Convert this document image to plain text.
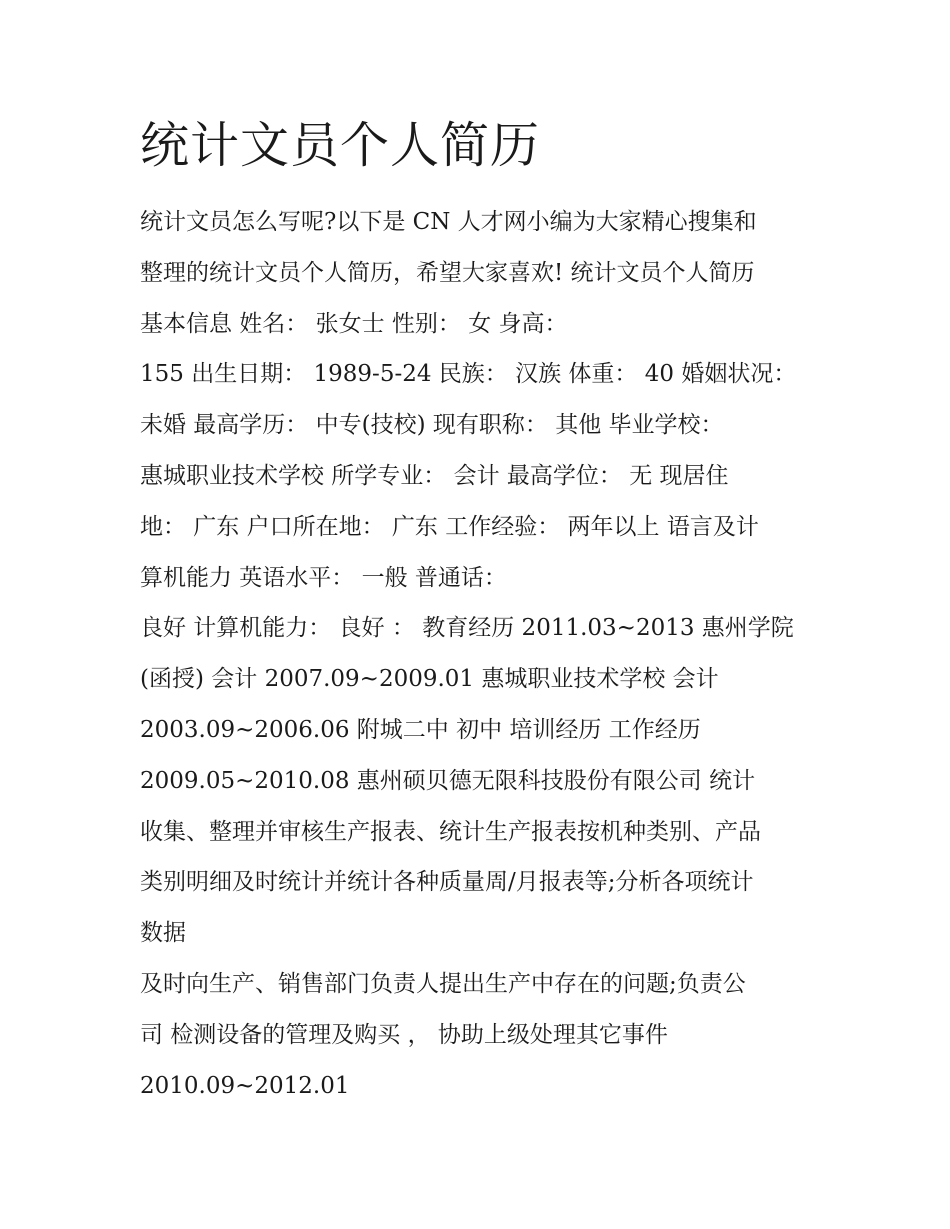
统计文员个人简历
统计文员怎么写呢?以下是 CN 人才网小编为大家精心搜集和
整理的统计文员个人简历，希望大家喜欢! 统计文员个人简历
基本信息 姓名： 张女士 性别： 女 身高：
155 出生日期： 1989-5-24 民族： 汉族 体重： 40 婚姻状况：
未婚 最高学历： 中专(技校) 现有职称： 其他 毕业学校：
惠城职业技术学校 所学专业： 会计 最高学位： 无 现居住
地： 广东 户口所在地： 广东 工作经验： 两年以上 语言及计
算机能力 英语水平： 一般 普通话：
良好 计算机能力： 良好 ： 教育经历 2011.03~2013 惠州学院
(函授) 会计 2007.09~2009.01 惠城职业技术学校 会计
2003.09~2006.06 附城二中 初中 培训经历 工作经历
2009.05~2010.08 惠州硕贝德无限科技股份有限公司 统计
收集、整理并审核生产报表、统计生产报表按机种类别、产品
类别明细及时统计并统计各种质量周/月报表等;分析各项统计
数据
及时向生产、销售部门负责人提出生产中存在的问题;负责公
司 检测设备的管理及购买 ， 协助上级处理其它事件
2010.09~2012.01
